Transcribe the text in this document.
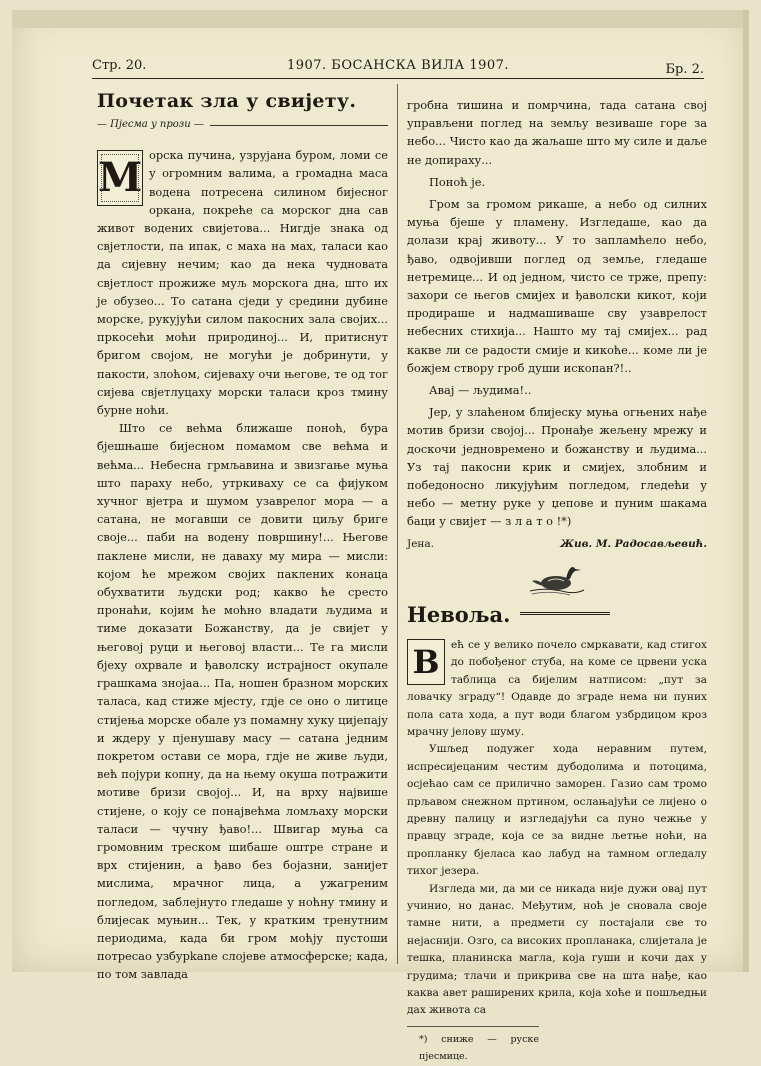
Стр. 20.	1907. БОСАНСКА ВИЛА 1907.	Бр. 2.
Почетак зла у свијету.
— Пјесма у прози —
М орска пучина, узрујана буром, ломи се у огромним валима, а громадна маса водена потресена силином бијесног оркана, покреће са морског дна сав живот водених свијетова... Нигдје знака од свјетлости, па ипак, с маха на мах, таласи као да сијевну нечим; као да нека чудновата свјетлост прожиже муљ морскога дна, што их је обузео... То сатана сједи у средини дубине морске, рукујући силом пакосних зала својих... пркосећи моћи природиној... И, притиснут бригом својом, не могући је добринути, у пакости, злоћом, сијеваху очи његове, те од тог сијева свјетлуцаху морски таласи кроз тмину бурне ноћи.

Што се већма ближаше поноћ, бура бјешњаше бијесном помамом све већма и већма... Небесна грмљавина и звизгање муња што параху небо, утркиваху се са фијуком хучног вјетра и шумом узаврелог мора — а сатана, не могавши се довити циљу бриге своје... паби на водену површину!... Његове паклене мисли, не даваху му мира — мисли: којом ће мрежом својих паклених конаца обухватити људски род; какво ће сресто пронаћи, којим ће моћно владати људима и тиме доказати Божанству, да је свијет у његовој руци и његовој власти... Те га мисли бјеху охрвале и ђаволску истрајност окупале грашкама знојаа... Па, ношен бразном морских таласа, кад стиже мјесту, гдје се оно о литице стијења морске обале уз помамну хуку цијепају и ждеру у пјенушаву масу — сатана једним покретом остави се мора, гдје не живе људи, већ појури копну, да на њему окуша потражити мотиве бризи својој... И, на врху највише стијене, о коју се понајвећма ломљаху морски таласи — чучну ђаво!... Швигар муња са громовним треском шибаше оштре стране и врх стијенин, а ђаво без бојазни, занијет мислима, мрачног лица, а ужагреним погледом, заблејнуто гледаше у ноћну тмину и блијесак муњин... Тек, у кратким тренутним периодима, када би гром моћју пустоши потресао узбурkane слојеве атмосферске; када, по том завлада

гробна тишина и помрчина, тада сатана свој управљени поглед на земљу везиваше горе за небо... Чисто као да жаљаше што му силе и даље не допираху...

Поноћ је.

Гром за громом рикаше, а небо од силних муња бјеше у пламену. Изгледаше, као да долази крај животу... У то запламћело небо, ђаво, одвојивши поглед од земље, гледаше нетремице... И од једном, чисто се трже, препу: захори се његов смијех и ђаволски кикот, који продираше и надмашиваше сву узаврелост небесних стихија... Нашто му тај смијех... рад какве ли се радости смије и кикоће... коме ли је божјем створу гроб души ископан?!..

Авај — људима!..

Јер, у злаћеном блијеску муња огњених нађе мотив бризи својој... Пронађе жељену мрежу и доскочи једновремено и божанству и људима... Уз тај пакосни крик и смијех, злобним и победоносно ликујућим погледом, гледећи у небо — метну руке у џепове и пуним шакама баци у свијет — з л а т о !*)

Јена.	Жив. М. Радосављевић.
Невоља.
В	ећ се у велико почело смркавати, кад стигох до побођеног стуба, на коме се црвени уска таблица са бијелим натписом: „пут за ловачку зграду“! Одавде до зграде нема ни пуних пола сата хода, а пут води благом узбрдицом кроз мрачну јелову шуму.

Ушљед подужег хода неравним путем, испресијецаним честим дубодолима и потоцима, осјећао сам се прилично заморен. Газио сам тромо прљавом снежном пртином, ослањајући се лијено о древну палицу и изгледајући са пуно чежње у правцу зграде, која се за видне љетње ноћи, на пропланку бјеласа као лабуд на тамном огледалу тихог језера.

Изгледа ми, да ми се никада није дужи овај пут учинио, но данас. Међутим, ноћ је сновала своје тамне нити, а предмети су постајали све то нејаснији. Озго, са високих пропланака, слијетала је тешка, планинска магла, која гуши и кочи дах у грудима; тлачи и прикрива све на шта нађе, као каква авет раширених крила, која хоће и пошљедњи дах живота са

*) сниже — руске пјесмице.
